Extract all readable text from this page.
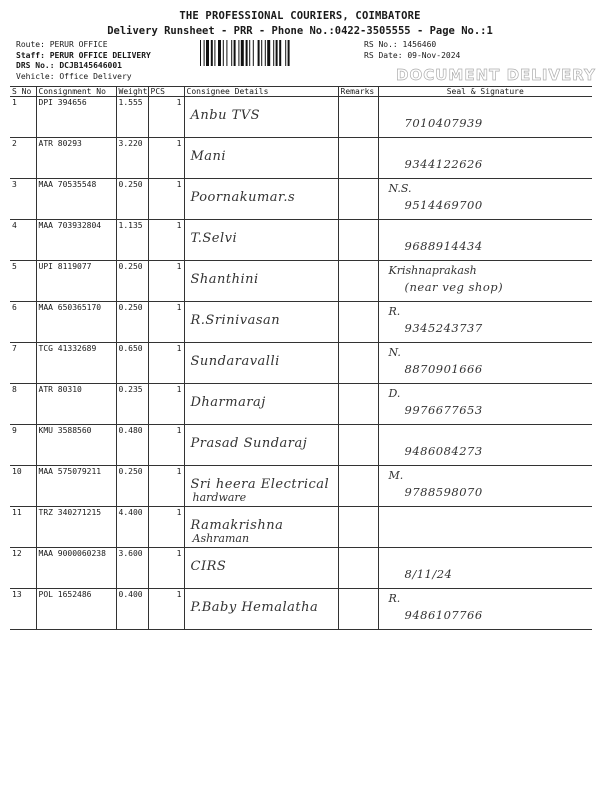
THE PROFESSIONAL COURIERS, COIMBATORE
Delivery Runsheet - PRR - Phone No.:0422-3505555 - Page No.:1
Route: PERUR OFFICE
Staff: PERUR OFFICE DELIVERY
DRS No.: DCJB145646001
Vehicle: Office Delivery
RS No.: 1456460
RS Date: 09-Nov-2024
DOCUMENT DELIVERY
S No	Consignment No	Weight	PCS	Consignee Details	Remarks	Seal & Signature
1	DPI 394656	1.555	1	Anbu TVS		7010407939

2	ATR 80293	3.220	1	Mani		9344122626

3	MAA 70535548	0.250	1	Poornakumar.s		N.S.
9514469700

4	MAA 703932804	1.135	1	T.Selvi		9688914434

5	UPI 8119077	0.250	1	Shanthini		Krishnaprakash
(near veg shop)

6	MAA 650365170	0.250	1	R.Srinivasan		R.
9345243737

7	TCG 41332689	0.650	1	Sundaravalli		N.
8870901666

8	ATR 80310	0.235	1	Dharmaraj		D.
9976677653

9	KMU 3588560	0.480	1	Prasad Sundaraj		9486084273

10	MAA 575079211	0.250	1	Sri heera Electrical
hardware		M.
9788598070

11	TRZ 340271215	4.400	1	Ramakrishna
Ashraman		

12	MAA 9000060238	3.600	1	CIRS		8/11/24

13	POL 1652486	0.400	1	P.Baby Hemalatha		R.
9486107766
